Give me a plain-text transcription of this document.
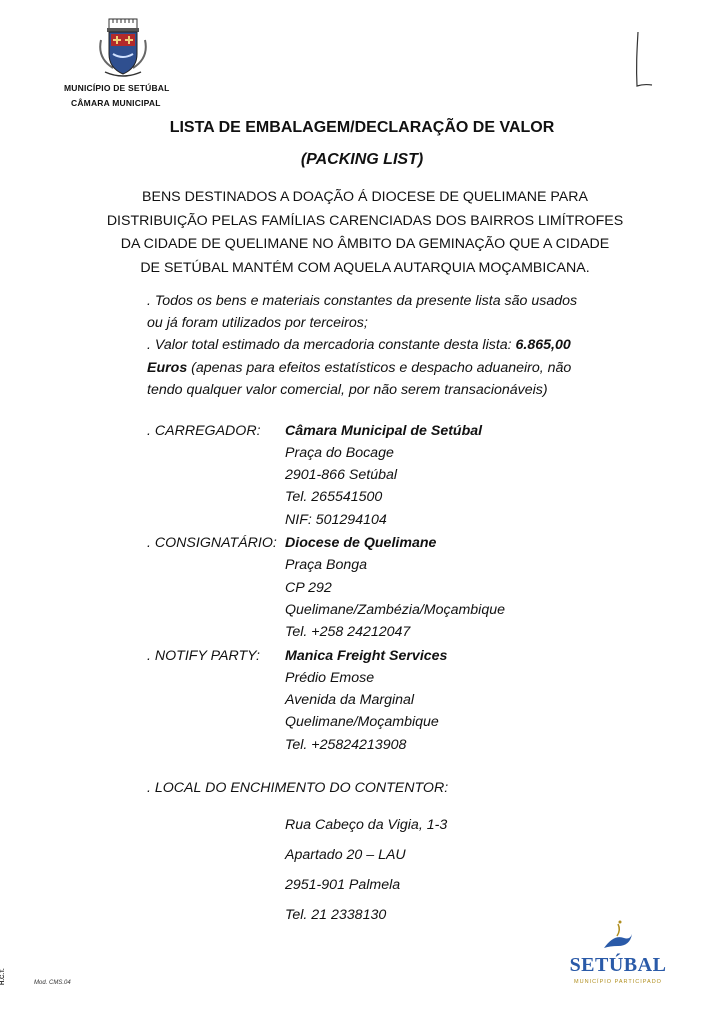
MUNICÍPIO DE SETÚBAL
CÂMARA MUNICIPAL
LISTA DE EMBALAGEM/DECLARAÇÃO DE VALOR
(PACKING LIST)
BENS DESTINADOS A DOAÇÃO Á DIOCESE DE QUELIMANE PARA
DISTRIBUIÇÃO PELAS FAMÍLIAS CARENCIADAS DOS BAIRROS LIMÍTROFES
DA CIDADE DE QUELIMANE NO ÂMBITO DA GEMINAÇÃO QUE A CIDADE
DE SETÚBAL MANTÉM COM AQUELA AUTARQUIA MOÇAMBICANA.
. Todos os bens e materiais constantes da presente lista são usados
ou já foram utilizados por terceiros;
. Valor total estimado da mercadoria constante desta lista: 6.865,00
Euros (apenas para efeitos estatísticos e despacho aduaneiro, não
tendo qualquer valor comercial, por não serem transacionáveis)
. CARREGADOR: Câmara Municipal de Setúbal
Praça do Bocage
2901-866 Setúbal
Tel. 265541500
NIF: 501294104
. CONSIGNATÁRIO: Diocese de Quelimane
Praça Bonga
CP 292
Quelimane/Zambézia/Moçambique
Tel. +258 24212047
. NOTIFY PARTY: Manica Freight Services
Prédio Emose
Avenida da Marginal
Quelimane/Moçambique
Tel. +25824213908
. LOCAL DO ENCHIMENTO DO CONTENTOR:
Rua Cabeço da Vigia, 1-3
Apartado 20 – LAU
2951-901 Palmela
Tel. 21 2338130
SETÚBAL
MUNICÍPIO PARTICIPADO
Mod. CMS.04
H.C.T.
